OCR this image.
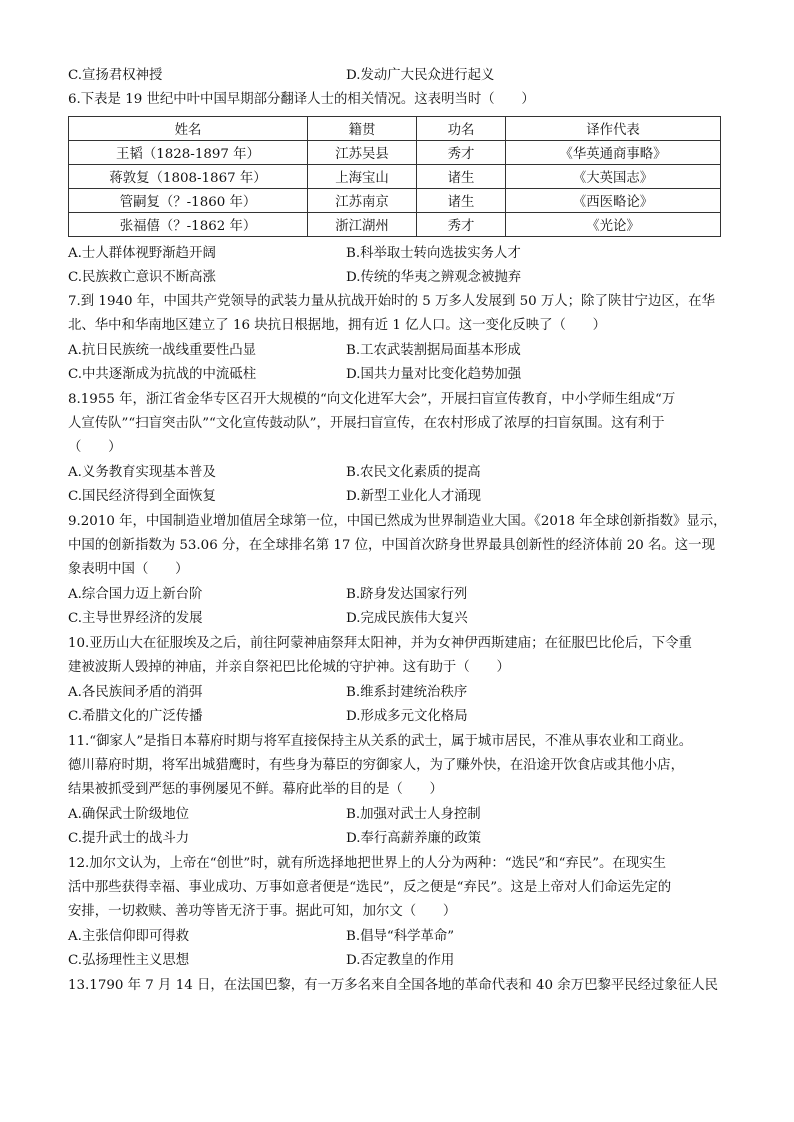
C.宣扬君权神授	D.发动广大民众进行起义
6.下表是 19 世纪中叶中国早期部分翻译人士的相关情况。这表明当时（　　）
姓名	籍贯	功名	译作代表
王韬（1828-1897 年）	江苏吴县	秀才	《华英通商事略》
蒋敦复（1808-1867 年）	上海宝山	诸生	《大英国志》
管嗣复（？-1860 年）	江苏南京	诸生	《西医略论》
张福僖（？-1862 年）	浙江湖州	秀才	《光论》
A.士人群体视野渐趋开阔	B.科举取士转向选拔实务人才
C.民族救亡意识不断高涨	D.传统的华夷之辨观念被抛弃
7.到 1940 年，中国共产党领导的武装力量从抗战开始时的 5 万多人发展到 50 万人；除了陕甘宁边区，在华
北、华中和华南地区建立了 16 块抗日根据地，拥有近 1 亿人口。这一变化反映了（　　）
A.抗日民族统一战线重要性凸显	B.工农武装割据局面基本形成
C.中共逐渐成为抗战的中流砥柱	D.国共力量对比变化趋势加强
8.1955 年，浙江省金华专区召开大规模的“向文化进军大会”，开展扫盲宣传教育，中小学师生组成“万
人宣传队”“扫盲突击队”“文化宣传鼓动队”，开展扫盲宣传，在农村形成了浓厚的扫盲氛围。这有利于
（　　）
A.义务教育实现基本普及	B.农民文化素质的提高
C.国民经济得到全面恢复	D.新型工业化人才涌现
9.2010 年，中国制造业增加值居全球第一位，中国已然成为世界制造业大国。《2018 年全球创新指数》显示，
中国的创新指数为 53.06 分，在全球排名第 17 位，中国首次跻身世界最具创新性的经济体前 20 名。这一现
象表明中国（　　）
A.综合国力迈上新台阶	B.跻身发达国家行列
C.主导世界经济的发展	D.完成民族伟大复兴
10.亚历山大在征服埃及之后，前往阿蒙神庙祭拜太阳神，并为女神伊西斯建庙；在征服巴比伦后，下令重
建被波斯人毁掉的神庙，并亲自祭祀巴比伦城的守护神。这有助于（　　）
A.各民族间矛盾的消弭	B.维系封建统治秩序
C.希腊文化的广泛传播	D.形成多元文化格局
11.“御家人”是指日本幕府时期与将军直接保持主从关系的武士，属于城市居民，不准从事农业和工商业。
德川幕府时期，将军出城猎鹰时，有些身为幕臣的穷御家人，为了赚外快，在沿途开饮食店或其他小店，
结果被抓受到严惩的事例屡见不鲜。幕府此举的目的是（　　）
A.确保武士阶级地位	B.加强对武士人身控制
C.提升武士的战斗力	D.奉行高薪养廉的政策
12.加尔文认为，上帝在“创世”时，就有所选择地把世界上的人分为两种：“选民”和“弃民”。在现实生
活中那些获得幸福、事业成功、万事如意者便是“选民”，反之便是“弃民”。这是上帝对人们命运先定的
安排，一切救赎、善功等皆无济于事。据此可知，加尔文（　　）
A.主张信仰即可得救	B.倡导“科学革命”
C.弘扬理性主义思想	D.否定教皇的作用
13.1790 年 7 月 14 日，在法国巴黎，有一万多名来自全国各地的革命代表和 40 余万巴黎平民经过象征人民
